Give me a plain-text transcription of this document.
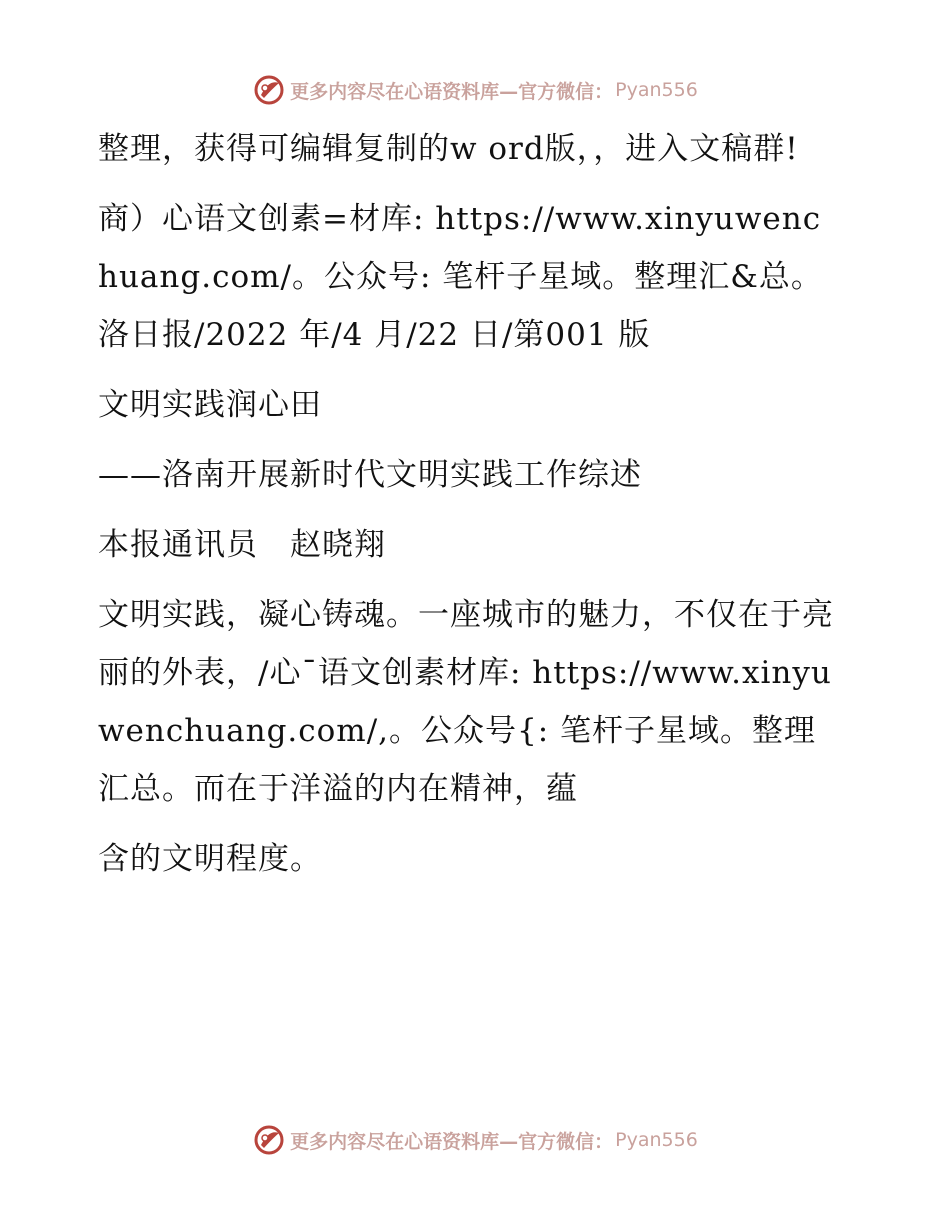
更多内容尽在心语资料库—官方微信： Pyan556

整理，获得可编辑复制的w ord版，，进入文稿群!

商）心语文创素=材库: https://www.xinyuwenchuang.com/。公众号: 笔杆子星域。整理汇&总。洛日报/2022 年/4 月/22 日/第001 版

文明实践润心田

——洛南开展新时代文明实践工作综述

本报通讯员　赵晓翔

文明实践，凝心铸魂。一座城市的魅力，不仅在于亮丽的外表，/心¯语文创素材库: https://www.xinyuwenchuang.com/,。公众号{: 笔杆子星域。整理汇总。而在于洋溢的内在精神，蕴

含的文明程度。

更多内容尽在心语资料库—官方微信： Pyan556
